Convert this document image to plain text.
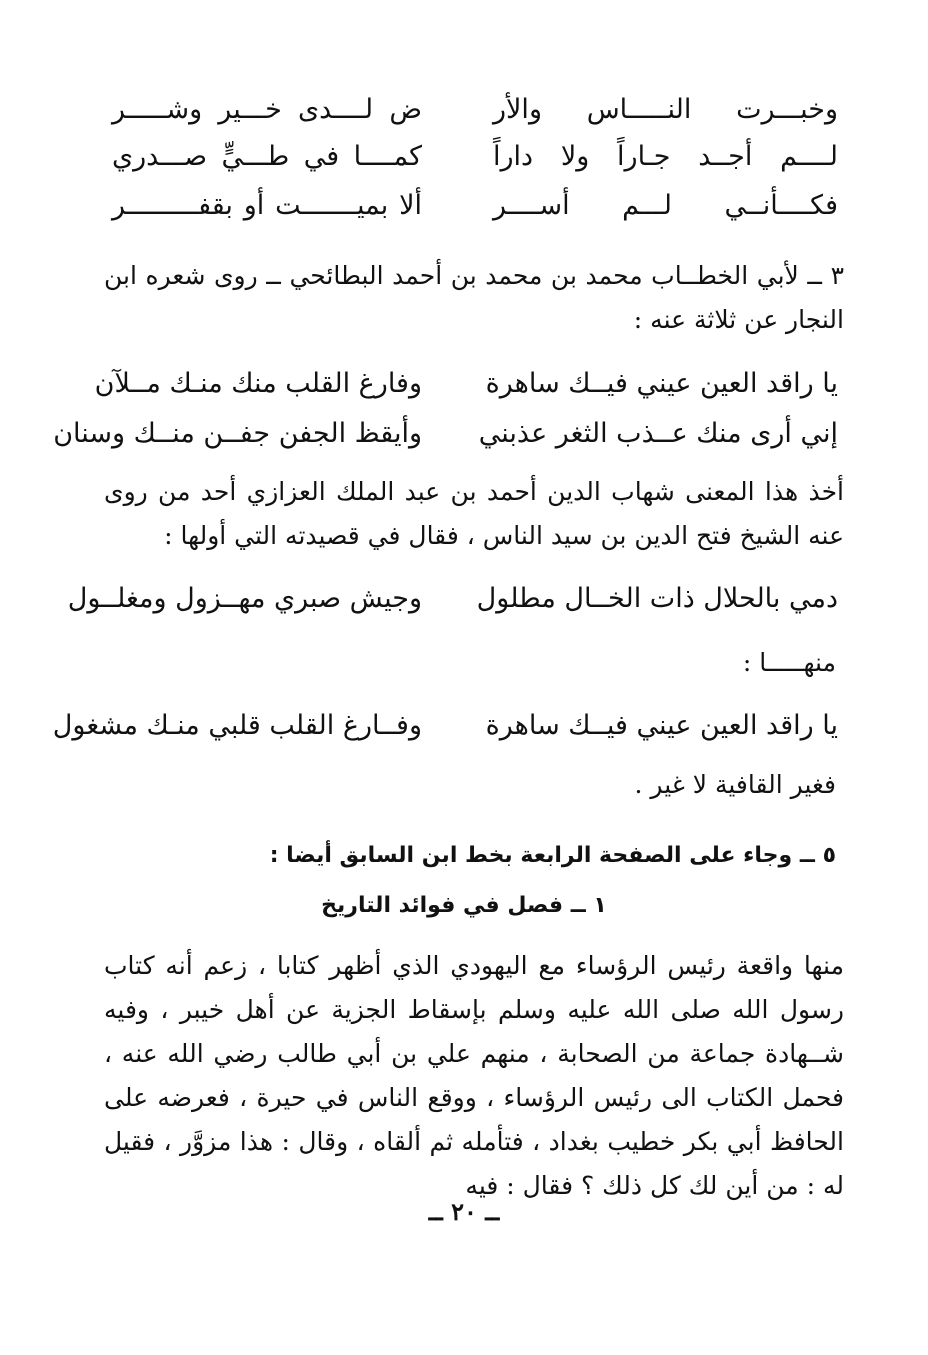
وخبـــرت النـــــاس والأر
ض لــــدى خـــير وشـــــر
لــــم أجــد جـاراً ولا داراً
كمــــا في طـــيٍّ صـــدري
فكــــأنــي لـــم أســــر
ألا بميـــــــت أو بقفـــــــــر
٣ ــ لأبي الخطــاب محمد بن محمد بن أحمد البطائحي ــ روى شعره ابن النجار عن ثلاثة عنه :
يا راقد العين عيني فيــك ساهرة
وفارغ القلب منك منـك مــلآن
إني أرى منك عــذب الثغر عذبني
وأيقظ الجفن جفــن منــك وسنان
أخذ هذا المعنى شهاب الدين أحمد بن عبد الملك العزازي أحد من روى عنه الشيخ فتح الدين بن سيد الناس ، فقال في قصيدته التي أولها :
دمي بالحلال ذات الخــال مطلول
وجيش صبري مهــزول ومغلــول
منهـــــا :
يا راقد العين عيني فيــك ساهرة
وفــارغ القلب قلبي منـك مشغول
فغير القافية لا غير .
٥ ــ وجاء على الصفحة الرابعة بخط ابن السابق أيضا :
١ ــ فصل في فوائد التاريخ
منها واقعة رئيس الرؤساء مع اليهودي الذي أظهر كتابا ، زعم أنه كتاب رسول الله صلى الله عليه وسلم بإسقاط الجزية عن أهل خيبر ، وفيه شــهادة جماعة من الصحابة ، منهم علي بن أبي طالب رضي الله عنه ، فحمل الكتاب الى رئيس الرؤساء ، ووقع الناس في حيرة ، فعرضه على الحافظ أبي بكر خطيب بغداد ، فتأمله ثم ألقاه ، وقال : هذا مزوَّر ، فقيل له : من أين لك كل ذلك ؟ فقال : فيه
ــ ٢٠ ــ
